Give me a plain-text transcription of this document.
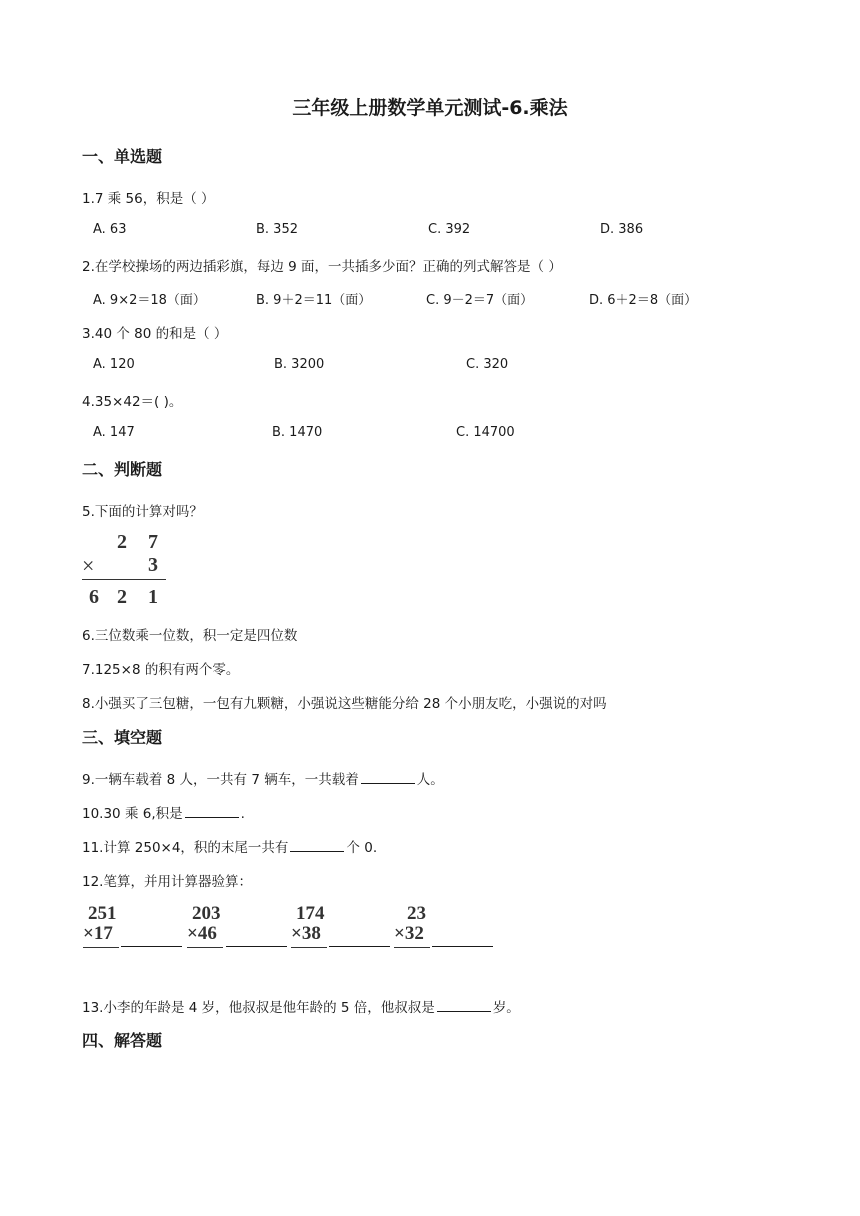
三年级上册数学单元测试-6.乘法
一、单选题
1.7 乘 56，积是（ ）
A. 63	B. 352	C. 392	D. 386
2.在学校操场的两边插彩旗，每边 9 面，一共插多少面？正确的列式解答是（ ）
A. 9×2＝18（面）	B. 9＋2＝11（面）	C. 9－2＝7（面）	D. 6＋2＝8（面）
3.40 个 80 的和是（ ）
A. 120	B. 3200	C. 320
4.35×42＝( )。
A. 147	B. 1470	C. 14700
二、判断题
5.下面的计算对吗？
2 7
×	3
6 2 1
6.三位数乘一位数，积一定是四位数
7.125×8 的积有两个零。
8.小强买了三包糖，一包有九颗糖，小强说这些糖能分给 28 个小朋友吃，小强说的对吗
三、填空题
9.一辆车载着 8 人，一共有 7 辆车，一共载着	人。
10.30 乘 6,积是	.
11.计算 250×4，积的末尾一共有	个 0.
12.笔算，并用计算器验算：
251
×17
203
×46
174
×38
23
×32
13.小李的年龄是 4 岁，他叔叔是他年龄的 5 倍，他叔叔是	岁。
四、解答题
